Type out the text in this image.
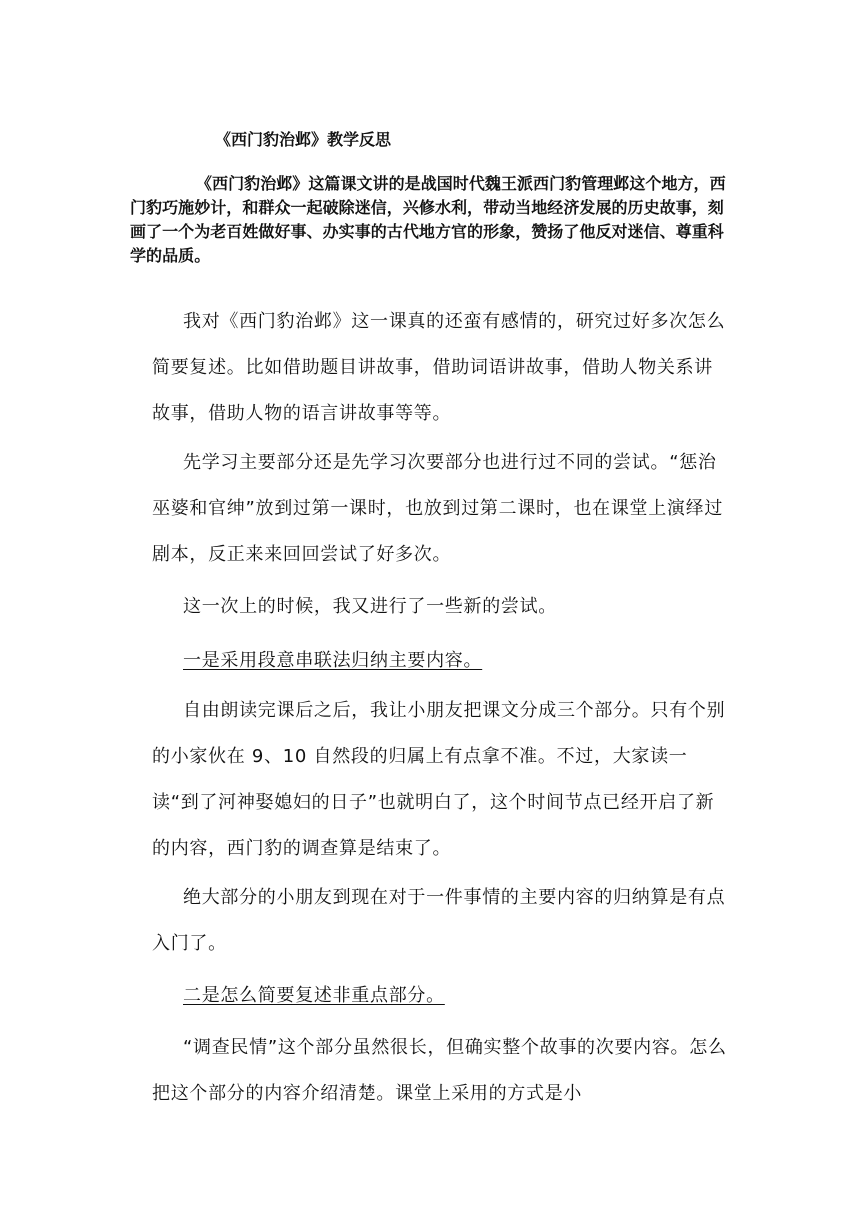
《西门豹治邺》教学反思

《西门豹治邺》这篇课文讲的是战国时代魏王派西门豹管理邺这个地方，西门豹巧施妙计，和群众一起破除迷信，兴修水利，带动当地经济发展的历史故事，刻画了一个为老百姓做好事、办实事的古代地方官的形象，赞扬了他反对迷信、尊重科学的品质。

我对《西门豹治邺》这一课真的还蛮有感情的，研究过好多次怎么简要复述。比如借助题目讲故事，借助词语讲故事，借助人物关系讲故事，借助人物的语言讲故事等等。

先学习主要部分还是先学习次要部分也进行过不同的尝试。“惩治巫婆和官绅”放到过第一课时，也放到过第二课时，也在课堂上演绎过剧本，反正来来回回尝试了好多次。

这一次上的时候，我又进行了一些新的尝试。

一是采用段意串联法归纳主要内容。

自由朗读完课后之后，我让小朋友把课文分成三个部分。只有个别的小家伙在 9、10 自然段的归属上有点拿不准。不过，大家读一读“到了河神娶媳妇的日子”也就明白了，这个时间节点已经开启了新的内容，西门豹的调查算是结束了。

绝大部分的小朋友到现在对于一件事情的主要内容的归纳算是有点入门了。

二是怎么简要复述非重点部分。

“调查民情”这个部分虽然很长，但确实整个故事的次要内容。怎么把这个部分的内容介绍清楚。课堂上采用的方式是小
